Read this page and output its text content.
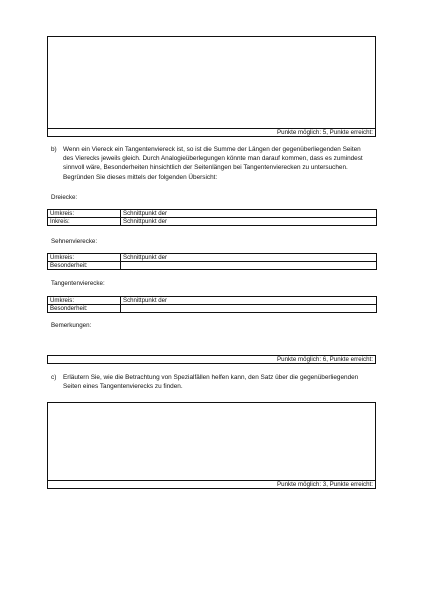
Punkte möglich: 5, Punkte erreicht:
b) Wenn ein Viereck ein Tangentenviereck ist, so ist die Summe der Längen der gegenüberliegenden Seiten
des Vierecks jeweils gleich. Durch Analogieüberlegungen könnte man darauf kommen, dass es zumindest
sinnvoll wäre, Besonderheiten hinsichtlich der Seitenlängen bei Tangentenvierecken zu untersuchen.
Begründen Sie dieses mittels der folgenden Übersicht:
Dreiecke:
Umkreis:	Schnittpunkt der
Inkreis:	Schnittpunkt der
Sehnenvierecke:
Umkreis:	Schnittpunkt der
Besonderheit:	
Tangentenvierecke:
Umkreis:	Schnittpunkt der
Besonderheit:	
Bemerkungen:
Punkte möglich: 6, Punkte erreicht:
c) Erläutern Sie, wie die Betrachtung von Spezialfällen helfen kann, den Satz über die gegenüberliegenden
Seiten eines Tangentenvierecks zu finden.
Punkte möglich: 3, Punkte erreicht:
